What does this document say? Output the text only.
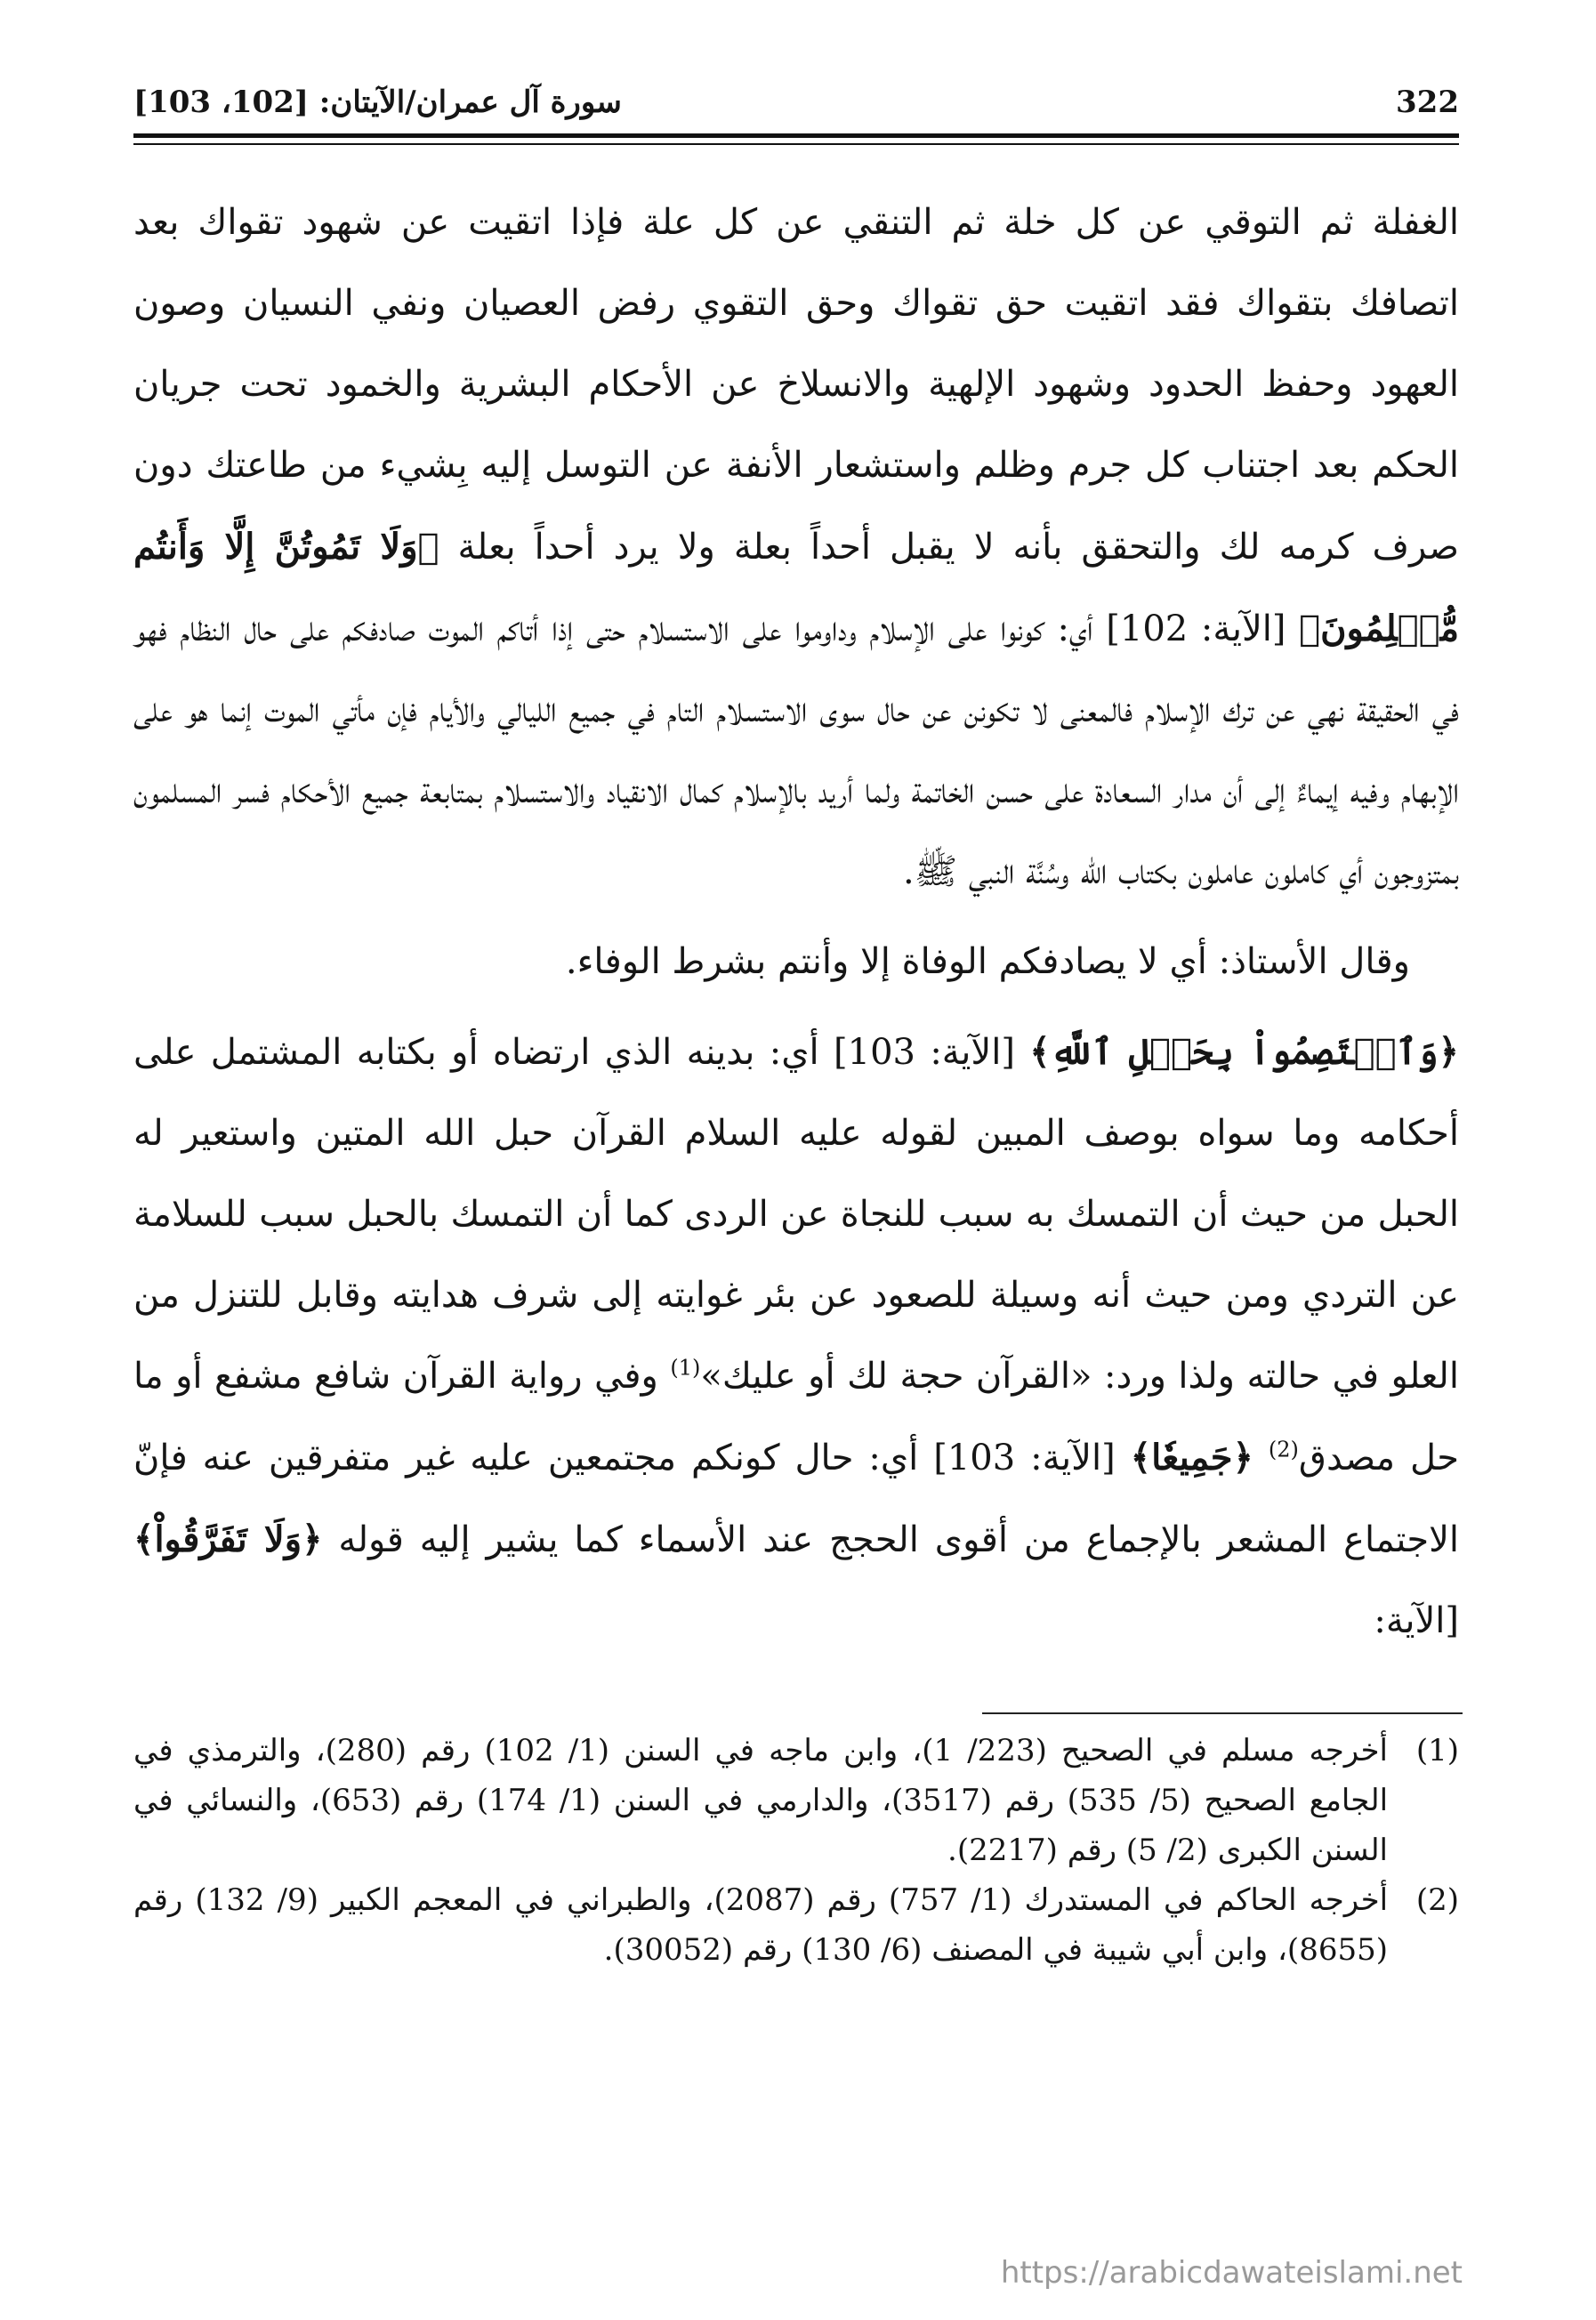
322
سورة آل عمران/الآيتان: [102، 103]

الغفلة ثم التوقي عن كل خلة ثم التنقي عن كل علة فإذا اتقيت عن شهود تقواك بعد اتصافك بتقواك فقد اتقيت حق تقواك وحق التقوي رفض العصيان ونفي النسيان وصون العهود وحفظ الحدود وشهود الإلهية والانسلاخ عن الأحكام البشرية والخمود تحت جريان الحكم بعد اجتناب كل جرم وظلم واستشعار الأنفة عن التوسل إليه بِشيء من طاعتك دون صرف كرمه لك والتحقق بأنه لا يقبل أحداً بعلة ولا يرد أحداً بعلة ﴿وَلَا تَمُوتُنَّ إِلَّا وَأَنتُم مُّسۡلِمُونَ﴾ [الآية: 102] أي: كونوا على الإسلام وداوموا على الاستسلام حتى إذا أتاكم الموت صادفكم على حال النظام فهو في الحقيقة نهي عن ترك الإسلام فالمعنى لا تكونن عن حال سوى الاستسلام التام في جميع الليالي والأيام فإن مأتي الموت إنما هو على الإبهام وفيه إيماءٌ إلى أن مدار السعادة على حسن الخاتمة ولما أريد بالإسلام كمال الانقياد والاستسلام بمتابعة جميع الأحكام فسر المسلمون بمتزوجون أي كاملون عاملون بكتاب الله وسُنَّة النبي ﷺ.

وقال الأستاذ: أي لا يصادفكم الوفاة إلا وأنتم بشرط الوفاء.

﴿وَٱعۡتَصِمُواْ بِحَبۡلِ ٱللَّهِ﴾ [الآية: 103] أي: بدينه الذي ارتضاه أو بكتابه المشتمل على أحكامه وما سواه بوصف المبين لقوله عليه السلام القرآن حبل الله المتين واستعير له الحبل من حيث أن التمسك به سبب للنجاة عن الردى كما أن التمسك بالحبل سبب للسلامة عن التردي ومن حيث أنه وسيلة للصعود عن بئر غوايته إلى شرف هدايته وقابل للتنزل من العلو في حالته ولذا ورد: «القرآن حجة لك أو عليك»$^{(1)}$ وفي رواية القرآن شافع مشفع أو ما حل مصدق$^{(2)}$ ﴿جَمِيعٗا﴾ [الآية: 103] أي: حال كونكم مجتمعين عليه غير متفرقين عنه فإنّ الاجتماع المشعر بالإجماع من أقوى الحجج عند الأسماء كما يشير إليه قوله ﴿وَلَا تَفَرَّقُواْ﴾ [الآية:

(1)
أخرجه مسلم في الصحيح (223/ 1)، وابن ماجه في السنن (1/ 102) رقم (280)، والترمذي في الجامع الصحيح (5/ 535) رقم (3517)، والدارمي في السنن (1/ 174) رقم (653)، والنسائي في السنن الكبرى (2/ 5) رقم (2217).
(2)
أخرجه الحاكم في المستدرك (1/ 757) رقم (2087)، والطبراني في المعجم الكبير (9/ 132) رقم (8655)، وابن أبي شيبة في المصنف (6/ 130) رقم (30052).
https://arabicdawateislami.net
